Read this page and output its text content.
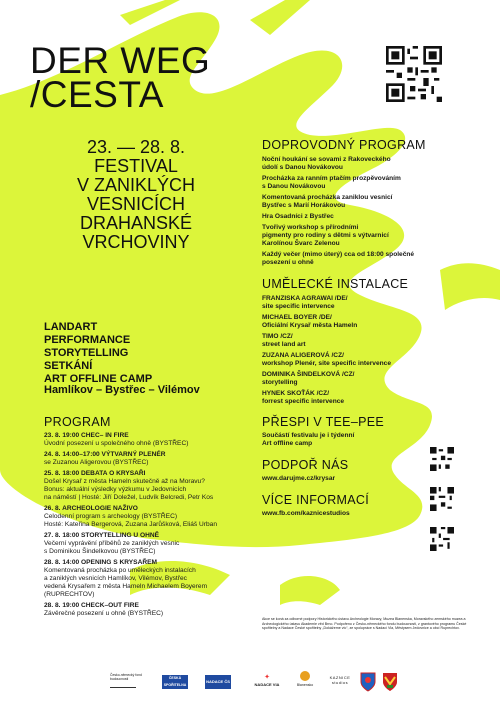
DER WEG
/CESTA
23. — 28. 8.
FESTIVAL
V ZANIKLÝCH
VESNICÍCH
DRAHANSKÉ
VRCHOVINY
LANDART
PERFORMANCE
STORYTELLING
SETKÁNÍ
ART OFFLINE CAMP
Hamlíkov – Bystřec – Vilémov
PROGRAM
23. 8. 19:00 CHEC– IN FIRE
Úvodní posezení u společného ohně (BYSTŘEC)
24. 8. 14:00–17:00 VÝTVARNÝ PLENÉR
se Zuzanou Aligerovou (BYSTŘEC)
25. 8. 18:00 DEBATA O KRYSAŘI
Došel Krysař z města Hameln skutečně až na Moravu?
Bonus: aktuální výsledky výzkumu v Jedovnicích
na náměstí | Hosté: Jiří Doležel, Ludvík Belcredi, Petr Kos
26. 8. ARCHEOLOGIE NAŽIVO
Celodenní program s archeology (BYSTŘEC)
Hosté: Kateřina Bergerová, Zuzana Jarůšková, Eliáš Urban
27. 8. 18:00 STORYTELLING U OHNĚ
Večerní vyprávění příběhů ze zaniklých vesnic
s Dominikou Šindelkovou (BYSTŘEC)
28. 8. 14:00 OPENING S KRYSAŘEM
Komentovaná procházka po uměleckých instalacích
a zaniklých vesnicích Hamlíkov, Vilémov, Bystřec
vedená Krysařem z města Hameln Michaelem Boyerem
(RUPRECHTOV)
28. 8. 19:00 CHECK–OUT FIRE
Závěrečné posezení u ohně (BYSTŘEC)
DOPROVODNÝ PROGRAM
Noční houkání se sovami z Rakoveckého
údolí s Danou Novákovou
Procházka za ranním ptačím prozpěvováním
s Danou Novákovou
Komentovaná procházka zaniklou vesnicí
Bystřec s Marií Horákovou
Hra Osadníci z Bystřec
Tvořivý workshop s přírodními
pigmenty pro rodiny s dětmi s výtvarnicí
Karolínou Švarc Zelenou
Každý večer (mimo úterý) cca od 18:00 společné
posezení u ohně
UMĚLECKÉ INSTALACE
FRANZISKA AGRAWAI /DE/
site specific intervence
MICHAEL BOYER /DE/
Oficiální Krysař města Hameln
TIMO /CZ/
street land art
ZUZANA ALIGEROVÁ /CZ/
workshop Plenér, site specific intervence
DOMINIKA ŠINDELKOVÁ /CZ/
storytelling
HYNEK SKOŤÁK /CZ/
forrest specific intervence
PŘESPI V TEE–PEE
Součástí festivalu je i týdenní
Art offline camp
PODPOŘ NÁS
www.darujme.cz/krysar
VÍCE INFORMACÍ
www.fb.com/kaznicestudios
Akce se koná za odborné podpory Historického ústavu Archeologie Moravy, Muzea Blanenska, Moravského zemského muzea a Archeologického ústavu Akademie věd Brno. Podpořeno z Česko-německého fondu budoucnosti, z grantového programu České spořitelny a Nadace České spořitelny „Dokážeme víc“, ze spolupráce s Nadací Via, Městysem Jedovnice a obcí Ruprechtov.
Česko-německý fond budoucnosti	ČESKÁ SPOŘITELNA
NADACE ČS
✦
NADACE VIA	Blanensko
KAZNICE studios
